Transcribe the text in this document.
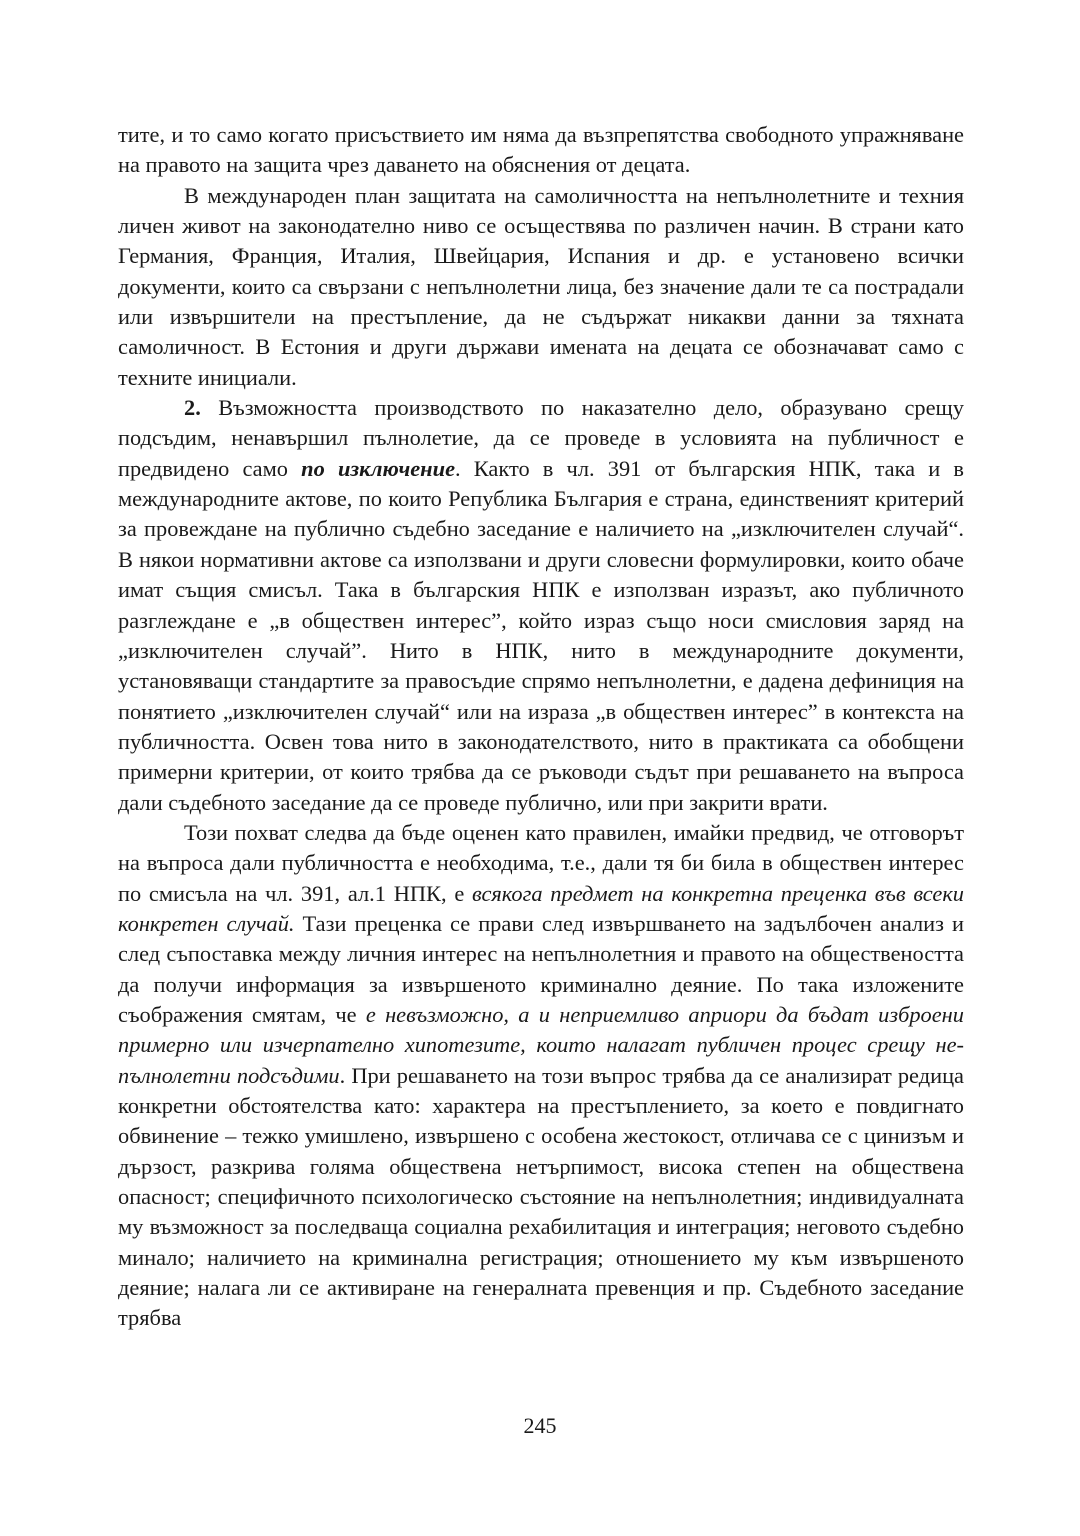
тите, и то само когато присъствието им няма да възпрепятства свободното упражняване на правото на защита чрез даването на обяснения от децата.

В международен план защитата на самоличността на непълнолетните и техния личен живот на законодателно ниво се осъществява по различен начин. В страни като Германия, Франция, Италия, Швейцария, Испания и др. е установено всички документи, които са свързани с непълнолетни лица, без значение дали те са пострадали или извършители на престъпление, да не съдържат никакви данни за тяхната самоличност. В Естония и други държави имената на децата се обозначават само с техните инициали.

2. Възможността производството по наказателно дело, образувано срещу подсъдим, ненавършил пълнолетие, да се проведе в условията на публичност е предвидено само по изключение. Както в чл. 391 от българския НПК, така и в международните актове, по които Република България е страна, единственият критерий за провеждане на публично съдебно заседание е наличието на „изключителен случай“. В някои нормативни актове са използвани и други словесни формулировки, които обаче имат същия смисъл. Така в българския НПК е използван изразът, ако публичното разглеждане е „в обществен интерес”, който израз също носи смисловия заряд на „изключителен случай”. Нито в НПК, нито в международните документи, установяващи стандартите за правосъдие спрямо непълнолетни, е дадена дефиниция на понятието „изключителен случай“ или на израза „в обществен интерес” в контекста на публичността. Освен това нито в законодателството, нито в практиката са обобщени примерни критерии, от които трябва да се ръководи съдът при решаването на въпроса дали съдебното заседание да се проведе публично, или при закрити врати.

Този похват следва да бъде оценен като правилен, имайки предвид, че отговорът на въпроса дали публичността е необходима, т.е., дали тя би била в обществен интерес по смисъла на чл. 391, ал.1 НПК, е всякога предмет на конкретна преценка във всеки конкретен случай. Тази преценка се прави след извършването на задълбочен анализ и след съпоставка между личния интерес на непълнолетния и правото на обществеността да получи информация за извършеното криминално деяние. По така изложените съображения смятам, че е невъзможно, а и неприемливо априори да бъдат изброени примерно или изчерпателно хипотезите, които налагат публичен процес срещу непълнолетни подсъдими. При решаването на този въпрос трябва да се анализират редица конкретни обстоятелства като: характера на престъплението, за което е повдигнато обвинение – тежко умишлено, извършено с особена жестокост, отличава се с цинизъм и дързост, разкрива голяма обществена нетърпимост, висока степен на обществена опасност; специфичното психологическо състояние на непълнолетния; индивидуалната му възможност за последваща социална рехабилитация и интеграция; неговото съдебно минало; наличието на криминална регистрация; отношението му към извършеното деяние; налага ли се активиране на генералната превенция и пр. Съдебното заседание трябва

245
